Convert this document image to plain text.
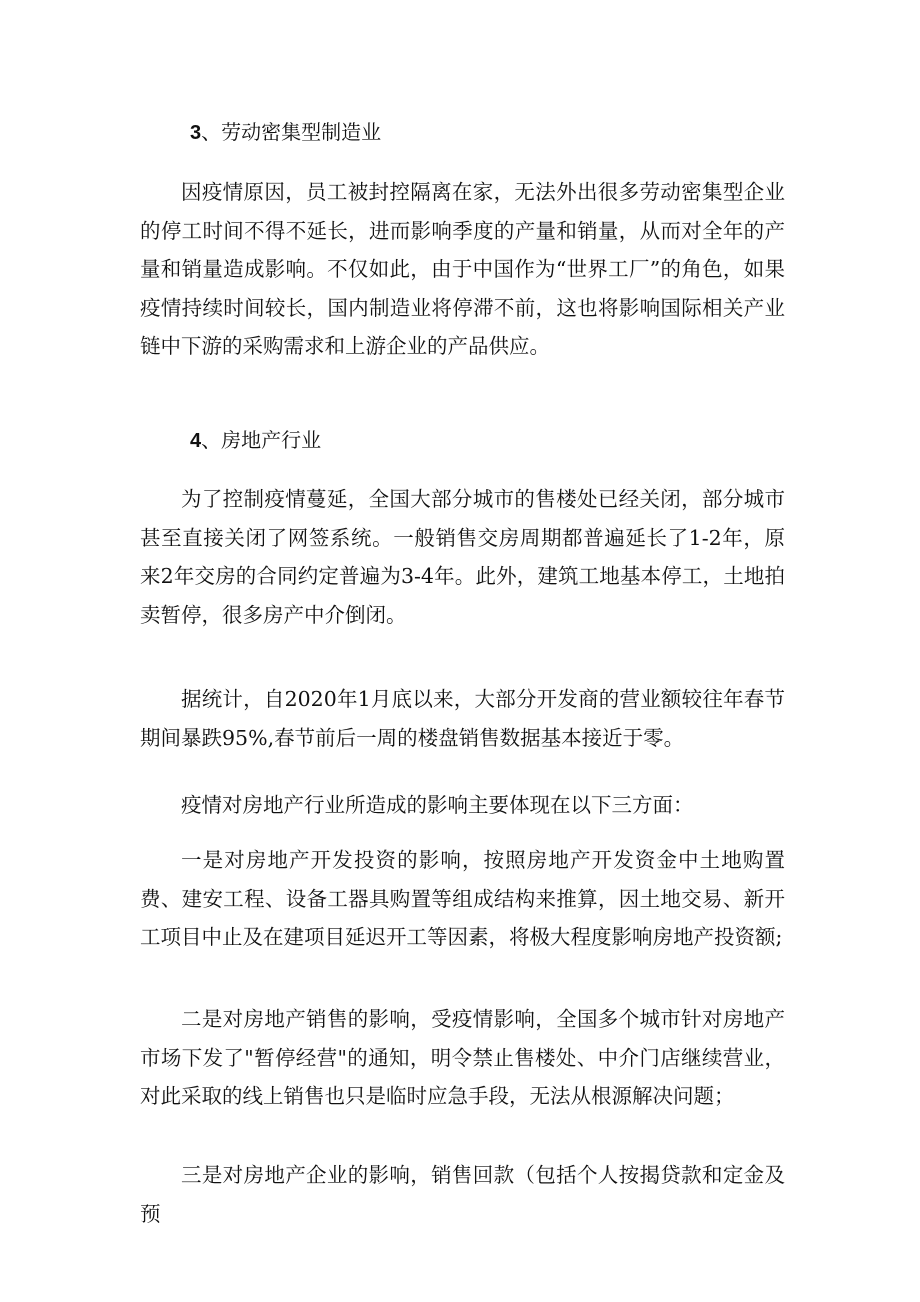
3、劳动密集型制造业

因疫情原因，员工被封控隔离在家，无法外出很多劳动密集型企业的停工时间不得不延长，进而影响季度的产量和销量，从而对全年的产量和销量造成影响。不仅如此，由于中国作为“世界工厂”的角色，如果疫情持续时间较长，国内制造业将停滞不前，这也将影响国际相关产业链中下游的采购需求和上游企业的产品供应。

4、房地产行业

为了控制疫情蔓延，全国大部分城市的售楼处已经关闭，部分城市甚至直接关闭了网签系统。一般销售交房周期都普遍延长了1-2年，原来2年交房的合同约定普遍为3-4年。此外，建筑工地基本停工，土地拍卖暂停，很多房产中介倒闭。

据统计，自2020年1月底以来，大部分开发商的营业额较往年春节期间暴跌95%,春节前后一周的楼盘销售数据基本接近于零。

疫情对房地产行业所造成的影响主要体现在以下三方面：

一是对房地产开发投资的影响，按照房地产开发资金中土地购置费、建安工程、设备工器具购置等组成结构来推算，因土地交易、新开工项目中止及在建项目延迟开工等因素，将极大程度影响房地产投资额;

二是对房地产销售的影响，受疫情影响，全国多个城市针对房地产市场下发了"暂停经营"的通知，明令禁止售楼处、中介门店继续营业，对此采取的线上销售也只是临时应急手段，无法从根源解决问题；

三是对房地产企业的影响，销售回款（包括个人按揭贷款和定金及预
